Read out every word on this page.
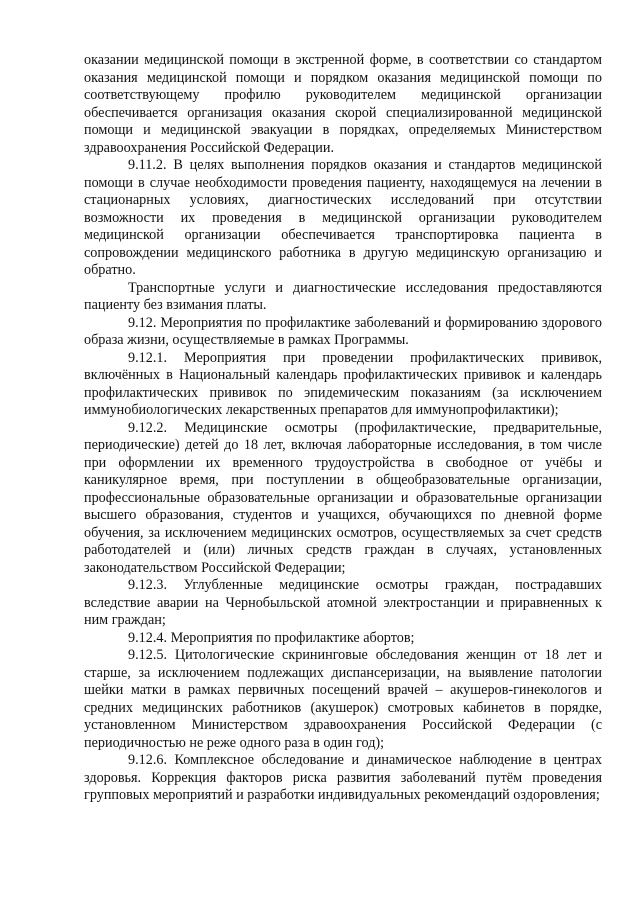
оказании медицинской помощи в экстренной форме, в соответствии со стандартом оказания медицинской помощи и порядком оказания медицинской помощи по соответствующему профилю руководителем медицинской организации обеспечивается организация оказания скорой специализированной медицинской помощи и медицинской эвакуации в порядках, определяемых Министерством здравоохранения Российской Федерации.

9.11.2. В целях выполнения порядков оказания и стандартов медицинской помощи в случае необходимости проведения пациенту, находящемуся на лечении в стационарных условиях, диагностических исследований при отсутствии возможности их проведения в медицинской организации руководителем медицинской организации обеспечивается транспортировка пациента в сопровождении медицинского работника в другую медицинскую организацию и обратно.

Транспортные услуги и диагностические исследования предоставляются пациенту без взимания платы.

9.12. Мероприятия по профилактике заболеваний и формированию здорового образа жизни, осуществляемые в рамках Программы.

9.12.1. Мероприятия при проведении профилактических прививок, включённых в Национальный календарь профилактических прививок и календарь профилактических прививок по эпидемическим показаниям (за исключением иммунобиологических лекарственных препаратов для иммунопрофилактики);

9.12.2. Медицинские осмотры (профилактические, предварительные, периодические) детей до 18 лет, включая лабораторные исследования, в том числе при оформлении их временного трудоустройства в свободное от учёбы и каникулярное время, при поступлении в общеобразовательные организации, профессиональные образовательные организации и образовательные организации высшего образования, студентов и учащихся, обучающихся по дневной форме обучения, за исключением медицинских осмотров, осуществляемых за счет средств работодателей и (или) личных средств граждан в случаях, установленных законодательством Российской Федерации;

9.12.3. Углубленные медицинские осмотры граждан, пострадавших вследствие аварии на Чернобыльской атомной электростанции и приравненных к ним граждан;

9.12.4. Мероприятия по профилактике абортов;

9.12.5. Цитологические скрининговые обследования женщин от 18 лет и старше, за исключением подлежащих диспансеризации, на выявление патологии шейки матки в рамках первичных посещений врачей – акушеров-гинекологов и средних медицинских работников (акушерок) смотровых кабинетов в порядке, установленном Министерством здравоохранения Российской Федерации (с периодичностью не реже одного раза в один год);

9.12.6. Комплексное обследование и динамическое наблюдение в центрах здоровья. Коррекция факторов риска развития заболеваний путём проведения групповых мероприятий и разработки индивидуальных рекомендаций оздоровления;
